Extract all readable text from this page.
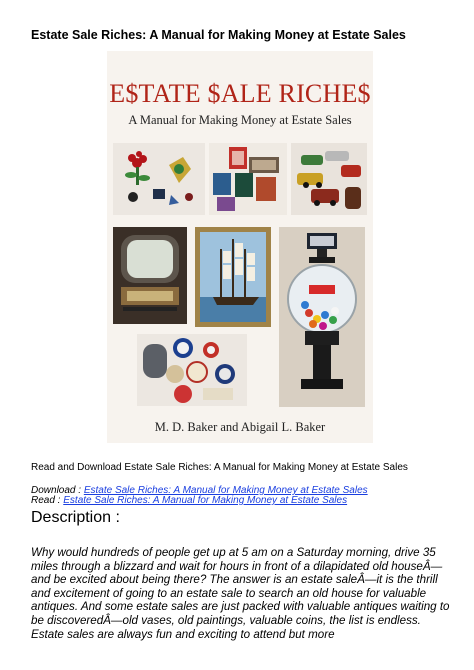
Estate Sale Riches: A Manual for Making Money at Estate Sales
E$TATE $ALE RICHE$
A Manual for Making Money at Estate Sales
M. D. Baker and Abigail L. Baker
Read and Download Estate Sale Riches: A Manual for Making Money at Estate Sales
Download : Estate Sale Riches: A Manual for Making Money at Estate Sales
Read : Estate Sale Riches: A Manual for Making Money at Estate Sales
Description :
Why would hundreds of people get up at 5 am on a Saturday morning, drive 35 miles through a blizzard and wait for hours in front of a dilapidated old houseÂ—and be excited about being there? The answer is an estate saleÂ—it is the thrill and excitement of going to an estate sale to search an old house for valuable antiques. And some estate sales are just packed with valuable antiques waiting to be discoveredÂ—old vases, old paintings, valuable coins, the list is endless. Estate sales are always fun and exciting to attend but more
